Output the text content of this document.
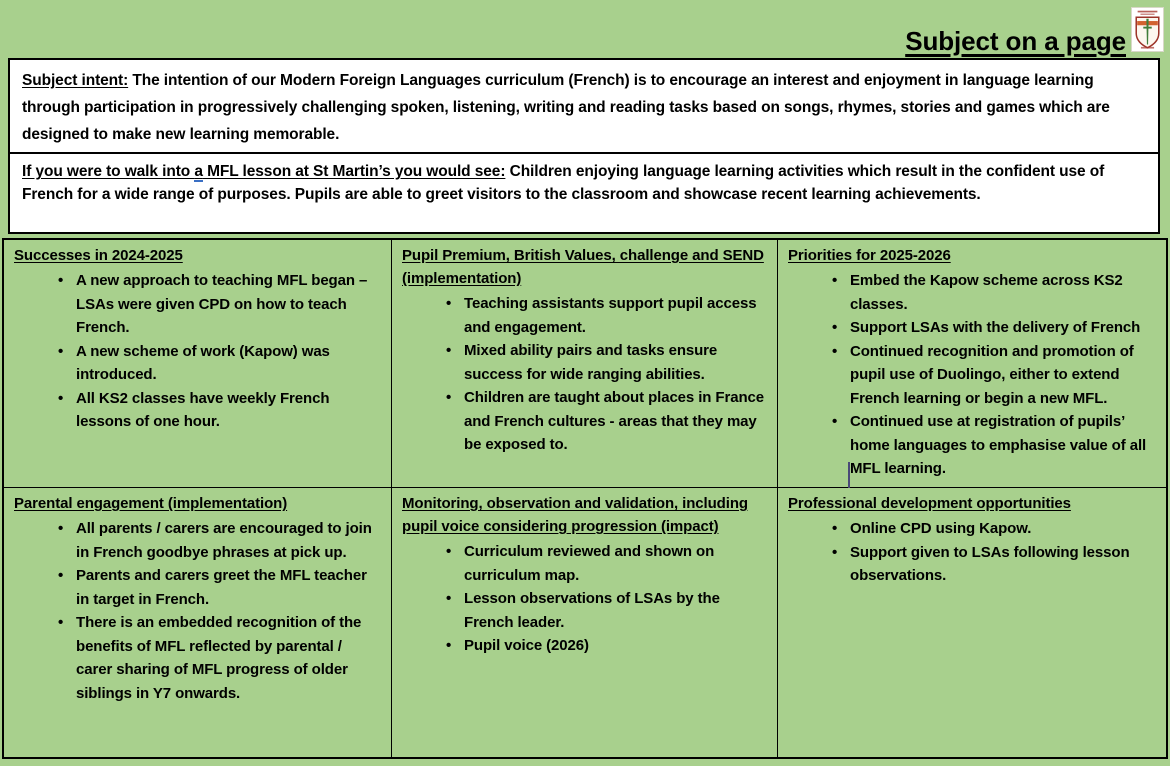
Subject on a page

Subject intent: The intention of our Modern Foreign Languages curriculum (French) is to encourage an interest and enjoyment in language learning through participation in progressively challenging spoken, listening, writing and reading tasks based on songs, rhymes, stories and games which are designed to make new learning memorable.

If you were to walk into a MFL lesson at St Martin’s you would see: Children enjoying language learning activities which result in the confident use of French for a wide range of purposes. Pupils are able to greet visitors to the classroom and showcase recent learning achievements.

Successes in 2024-2025
• A new approach to teaching MFL began – LSAs were given CPD on how to teach French.
• A new scheme of work (Kapow) was introduced.
• All KS2 classes have weekly French lessons of one hour.
Pupil Premium, British Values, challenge and SEND (implementation)
• Teaching assistants support pupil access and engagement.
• Mixed ability pairs and tasks ensure success for wide ranging abilities.
• Children are taught about places in France and French cultures - areas that they may be exposed to.
Priorities for 2025-2026
• Embed the Kapow scheme across KS2 classes.
• Support LSAs with the delivery of French
• Continued recognition and promotion of pupil use of Duolingo, either to extend French learning or begin a new MFL.
• Continued use at registration of pupils’ home languages to emphasise value of all MFL learning.
Parental engagement (implementation)
• All parents / carers are encouraged to join in French goodbye phrases at pick up.
• Parents and carers greet the MFL teacher in target in French.
• There is an embedded recognition of the benefits of MFL reflected by parental / carer sharing of MFL progress of older siblings in Y7 onwards.
Monitoring, observation and validation, including pupil voice considering progression (impact)
• Curriculum reviewed and shown on curriculum map.
• Lesson observations of LSAs by the French leader.
• Pupil voice (2026)
Professional development opportunities
• Online CPD using Kapow.
• Support given to LSAs following lesson observations.
